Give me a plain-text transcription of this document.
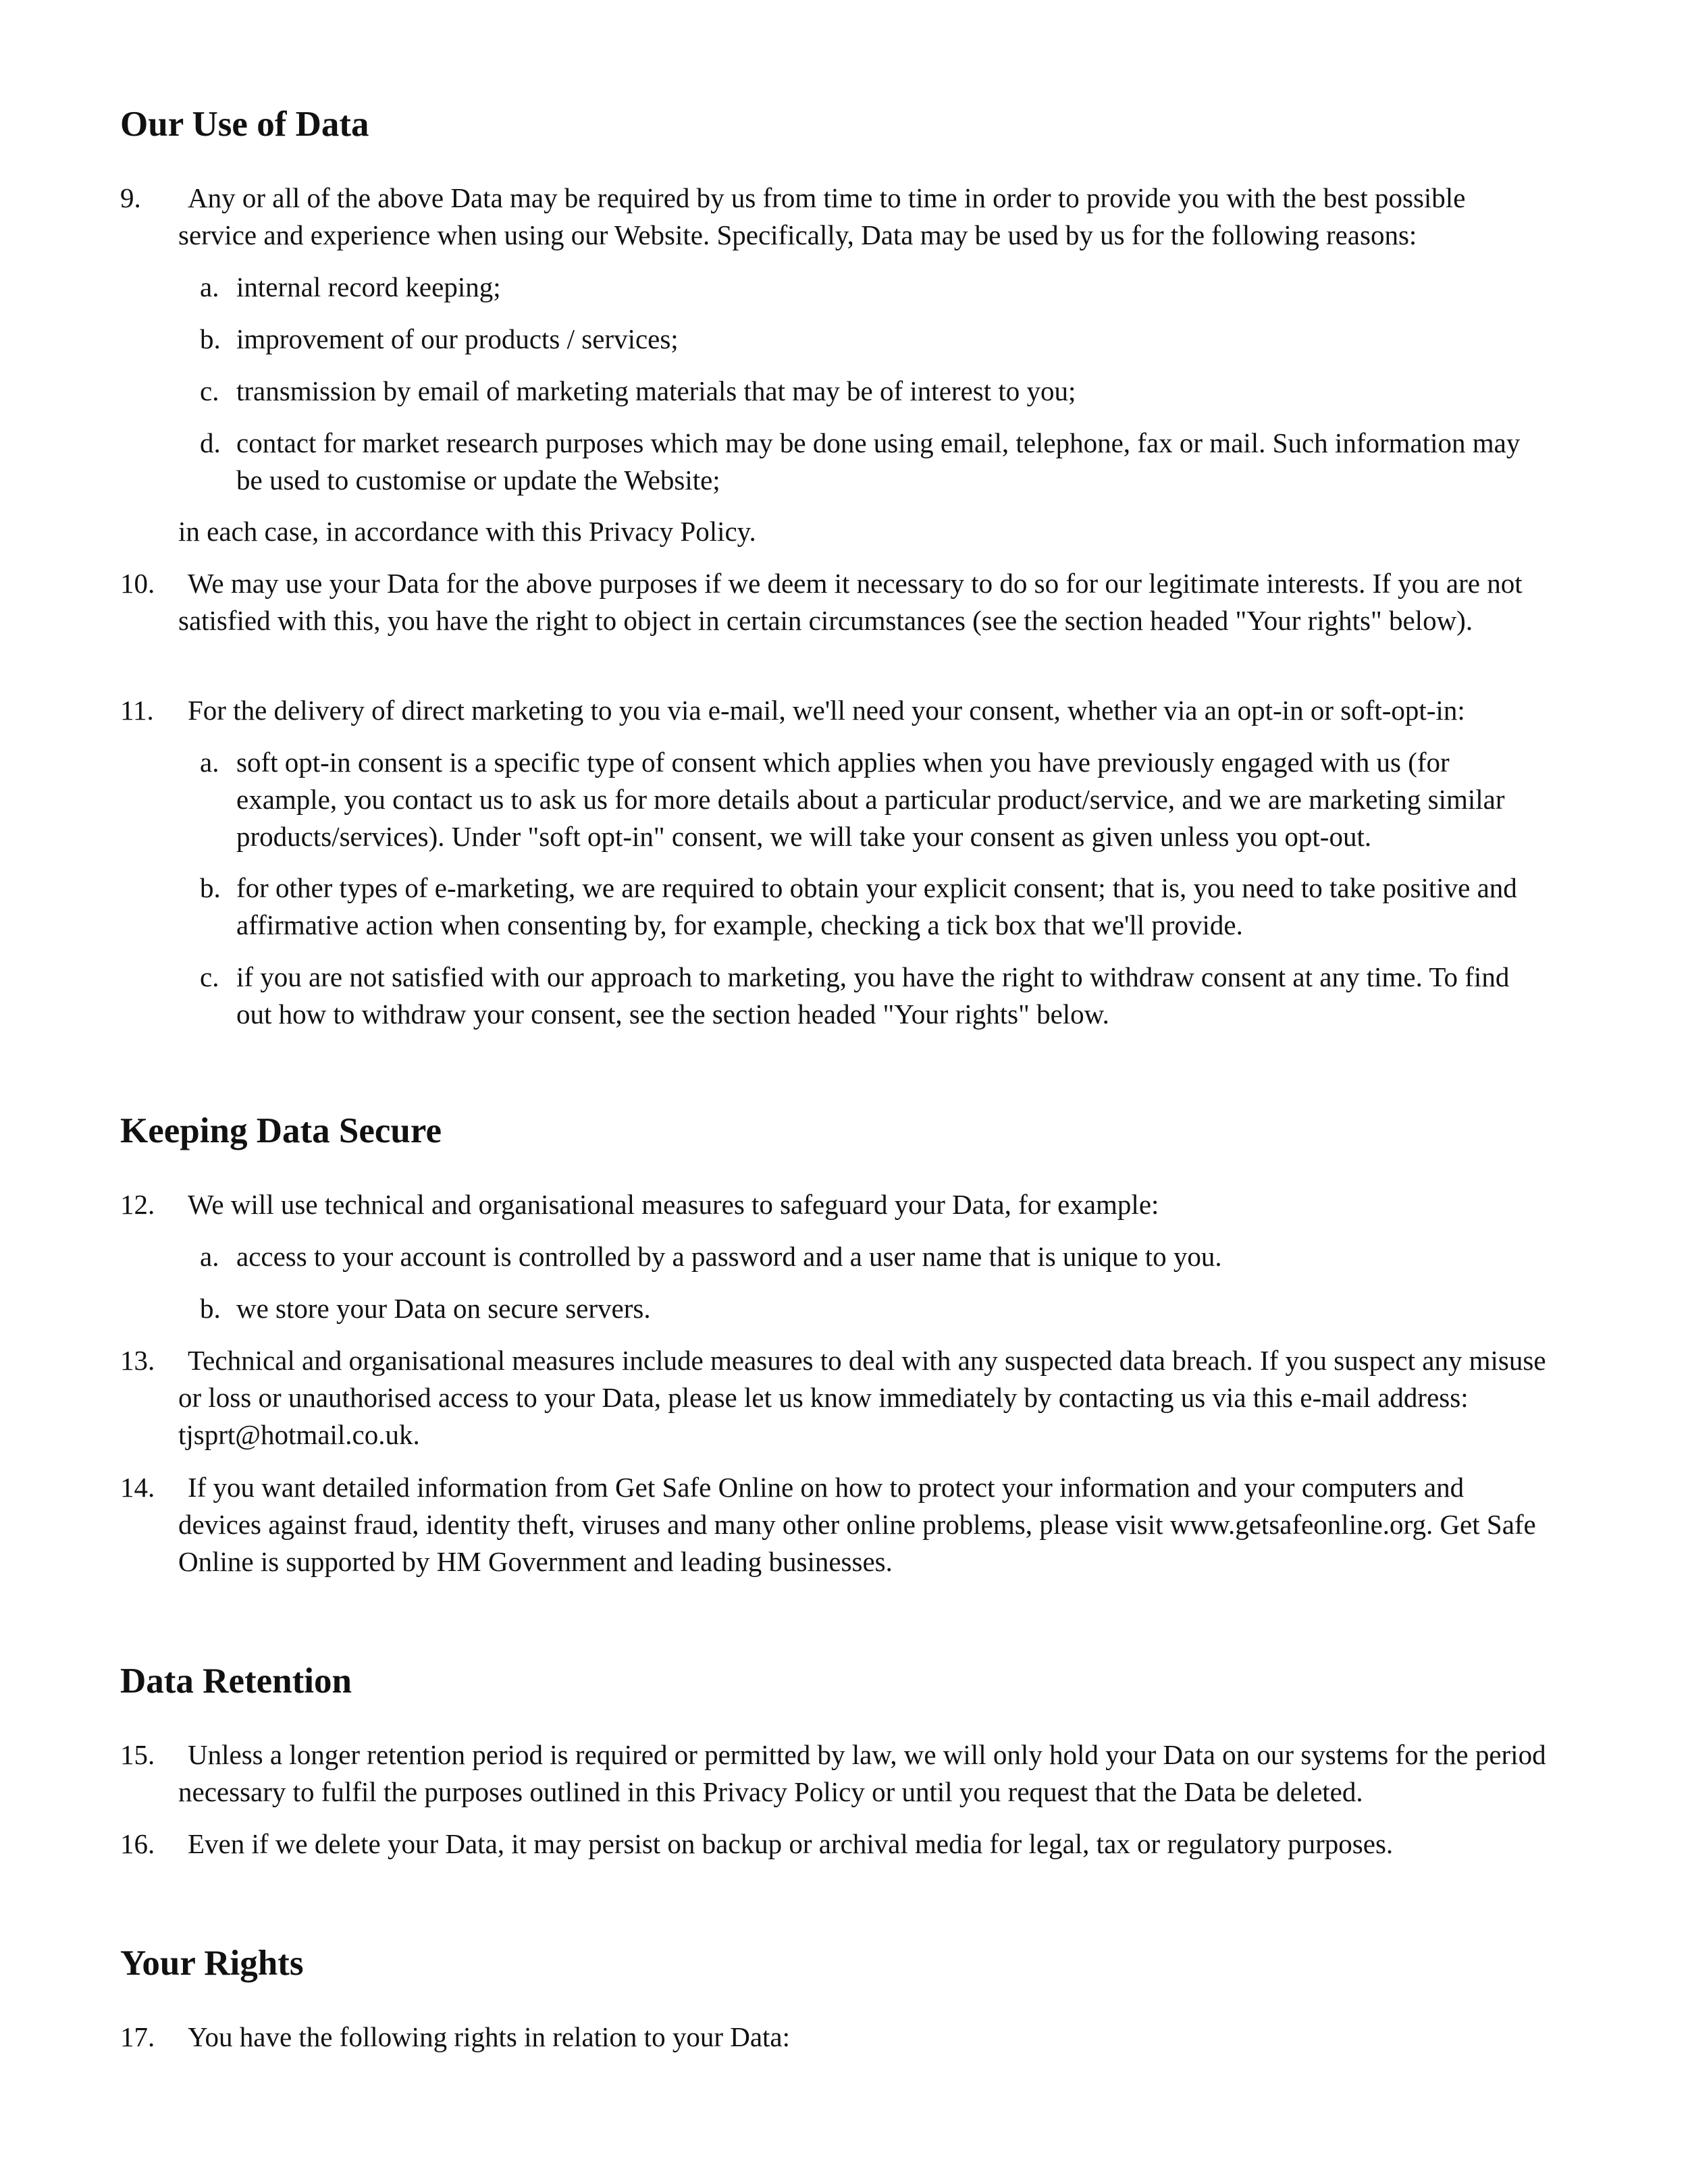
Our Use of Data
9.	Any or all of the above Data may be required by us from time to time in order to provide you with the best possible service and experience when using our Website. Specifically, Data may be used by us for the following reasons:
a. internal record keeping;
b. improvement of our products / services;
c. transmission by email of marketing materials that may be of interest to you;
d. contact for market research purposes which may be done using email, telephone, fax or mail. Such information may be used to customise or update the Website;
in each case, in accordance with this Privacy Policy.
10.	We may use your Data for the above purposes if we deem it necessary to do so for our legitimate interests. If you are not satisfied with this, you have the right to object in certain circumstances (see the section headed "Your rights" below).
11.	For the delivery of direct marketing to you via e-mail, we'll need your consent, whether via an opt-in or soft-opt-in:
a. soft opt-in consent is a specific type of consent which applies when you have previously engaged with us (for example, you contact us to ask us for more details about a particular product/service, and we are marketing similar products/services). Under "soft opt-in" consent, we will take your consent as given unless you opt-out.
b. for other types of e-marketing, we are required to obtain your explicit consent; that is, you need to take positive and affirmative action when consenting by, for example, checking a tick box that we'll provide.
c. if you are not satisfied with our approach to marketing, you have the right to withdraw consent at any time. To find out how to withdraw your consent, see the section headed "Your rights" below.
Keeping Data Secure
12.	We will use technical and organisational measures to safeguard your Data, for example:
a. access to your account is controlled by a password and a user name that is unique to you.
b. we store your Data on secure servers.
13.	Technical and organisational measures include measures to deal with any suspected data breach. If you suspect any misuse or loss or unauthorised access to your Data, please let us know immediately by contacting us via this e-mail address: tjsprt@hotmail.co.uk.
14.	If you want detailed information from Get Safe Online on how to protect your information and your computers and devices against fraud, identity theft, viruses and many other online problems, please visit www.getsafeonline.org. Get Safe Online is supported by HM Government and leading businesses.
Data Retention
15.	Unless a longer retention period is required or permitted by law, we will only hold your Data on our systems for the period necessary to fulfil the purposes outlined in this Privacy Policy or until you request that the Data be deleted.
16.	Even if we delete your Data, it may persist on backup or archival media for legal, tax or regulatory purposes.
Your Rights
17.	You have the following rights in relation to your Data:
